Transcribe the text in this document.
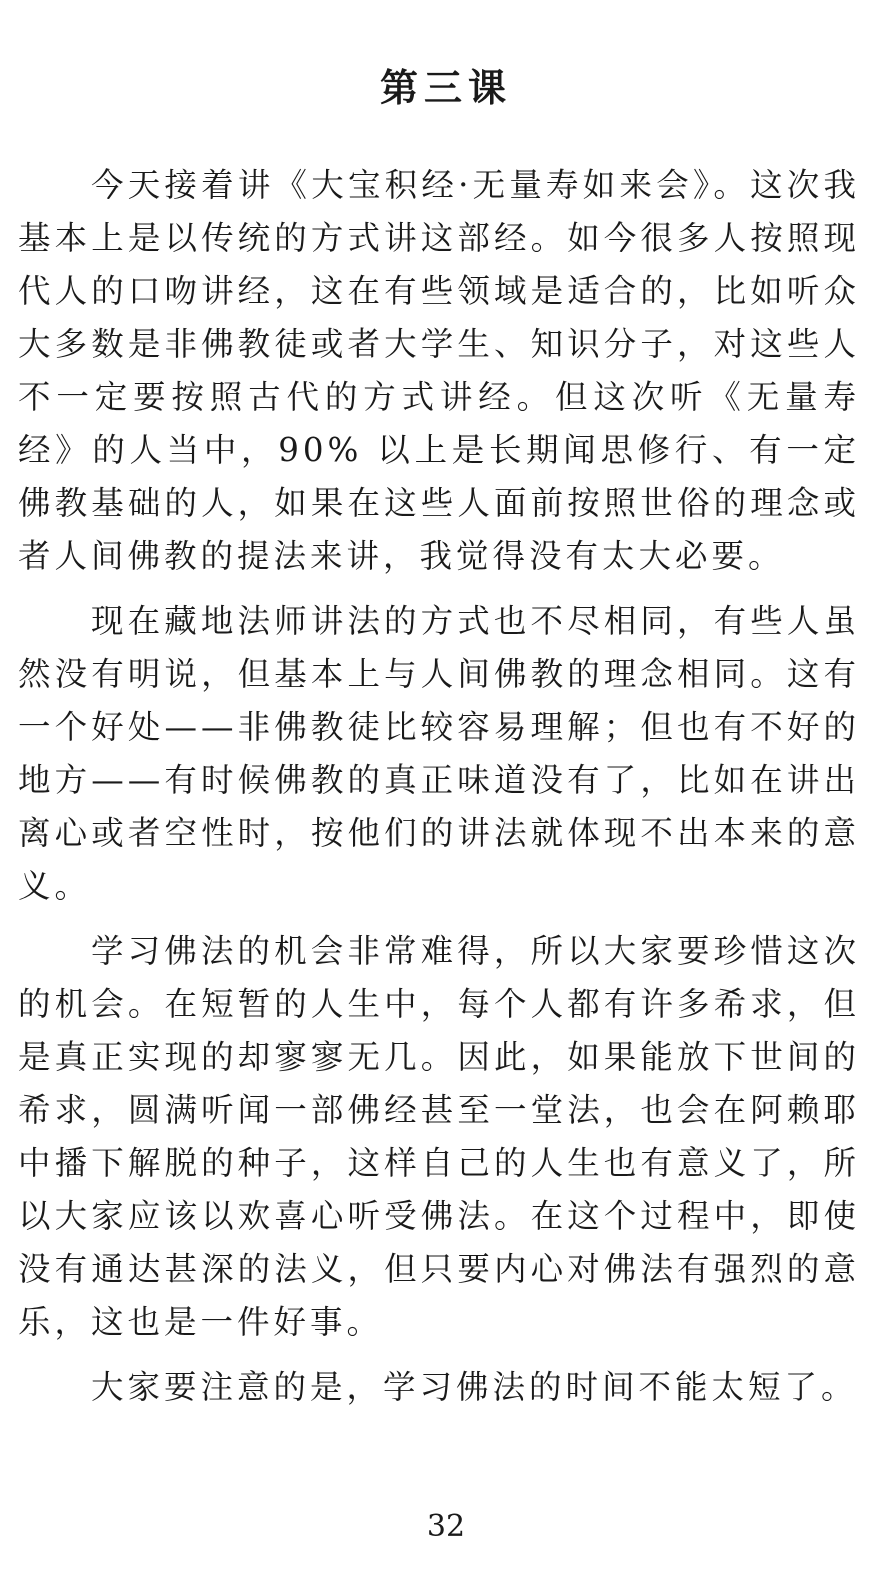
第三课

今天接着讲《大宝积经·无量寿如来会》。这次我基本上是以传统的方式讲这部经。如今很多人按照现代人的口吻讲经，这在有些领域是适合的，比如听众大多数是非佛教徒或者大学生、知识分子，对这些人不一定要按照古代的方式讲经。但这次听《无量寿经》的人当中，90% 以上是长期闻思修行、有一定佛教基础的人，如果在这些人面前按照世俗的理念或者人间佛教的提法来讲，我觉得没有太大必要。

现在藏地法师讲法的方式也不尽相同，有些人虽然没有明说，但基本上与人间佛教的理念相同。这有一个好处——非佛教徒比较容易理解；但也有不好的地方——有时候佛教的真正味道没有了，比如在讲出离心或者空性时，按他们的讲法就体现不出本来的意义。

学习佛法的机会非常难得，所以大家要珍惜这次的机会。在短暂的人生中，每个人都有许多希求，但是真正实现的却寥寥无几。因此，如果能放下世间的希求，圆满听闻一部佛经甚至一堂法，也会在阿赖耶中播下解脱的种子，这样自己的人生也有意义了，所以大家应该以欢喜心听受佛法。在这个过程中，即使没有通达甚深的法义，但只要内心对佛法有强烈的意乐，这也是一件好事。

大家要注意的是，学习佛法的时间不能太短了。

32
